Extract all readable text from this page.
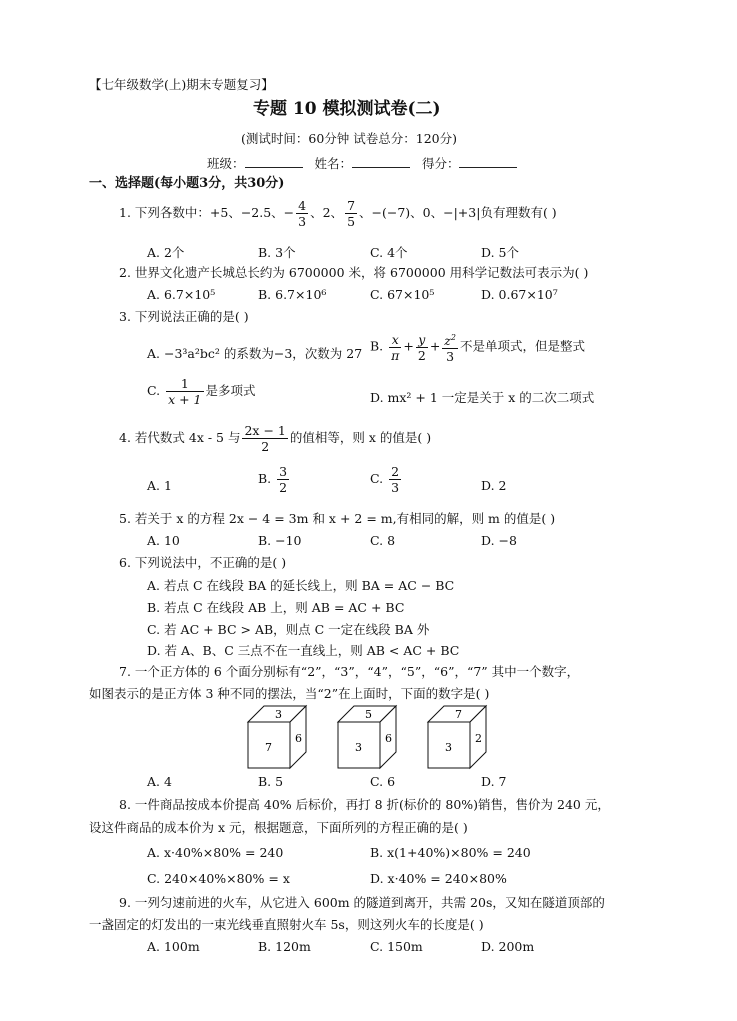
【七年级数学(上)期末专题复习】
专题 10 模拟测试卷(二)
(测试时间：60分钟 试卷总分：120分)
班级：	姓名：	得分：
一、选择题(每小题3分，共30分)
1. 下列各数中：+5、−2.5、− $\frac{4}{3}$ 、2、 $\frac{7}{5}$ 、−(−7)、0、−|+3|负有理数有( )
A. 2个	B. 3个	C. 4个	D. 5个
2. 世界文化遗产长城总长约为 6700000 米，将 6700000 用科学记数法可表示为( )
A. 6.7×10⁵	B. 6.7×10⁶	C. 67×10⁵	D. 0.67×10⁷
3. 下列说法正确的是( )
A. −3³a²bc² 的系数为−3，次数为 27 B. $\frac{x}{\pi} + \frac{y}{2} + \frac{z^2}{3}$ 不是单项式，但是整式
C. $\frac{1}{x + 1}$ 是多项式	D. mx² + 1 一定是关于 x 的二次二项式
4. 若代数式 4x - 5 与 $\frac{2x - 1}{2}$ 的值相等，则 x 的值是( )
A. 1	B. $\frac{3}{2}$	C. $\frac{2}{3}$	D. 2
5. 若关于 x 的方程 2x − 4 = 3m 和 x + 2 = m,有相同的解，则 m 的值是( )
A. 10	B. −10	C. 8	D. −8
6. 下列说法中，不正确的是( )
A. 若点 C 在线段 BA 的延长线上，则 BA = AC − BC
B. 若点 C 在线段 AB 上，则 AB = AC + BC
C. 若 AC + BC > AB，则点 C 一定在线段 BA 外
D. 若 A、B、C 三点不在一直线上，则 AB < AC + BC
7. 一个正方体的 6 个面分别标有“2”，“3”，“4”，“5”，“6”，“7” 其中一个数字，
如图表示的是正方体 3 种不同的摆法，当“2”在上面时，下面的数字是( )
3
7
6
5
3
6
7
3
2
A. 4	B. 5	C. 6	D. 7
8. 一件商品按成本价提高 40% 后标价，再打 8 折(标价的 80%)销售，售价为 240 元，
设这件商品的成本价为 x 元，根据题意，下面所列的方程正确的是( )
A. x·40%×80% = 240	B. x(1+40%)×80% = 240
C. 240×40%×80% = x	D. x·40% = 240×80%
9. 一列匀速前进的火车，从它进入 600m 的隧道到离开，共需 20s，又知在隧道顶部的
一盏固定的灯发出的一束光线垂直照射火车 5s，则这列火车的长度是( )
A. 100m	B. 120m	C. 150m	D. 200m
